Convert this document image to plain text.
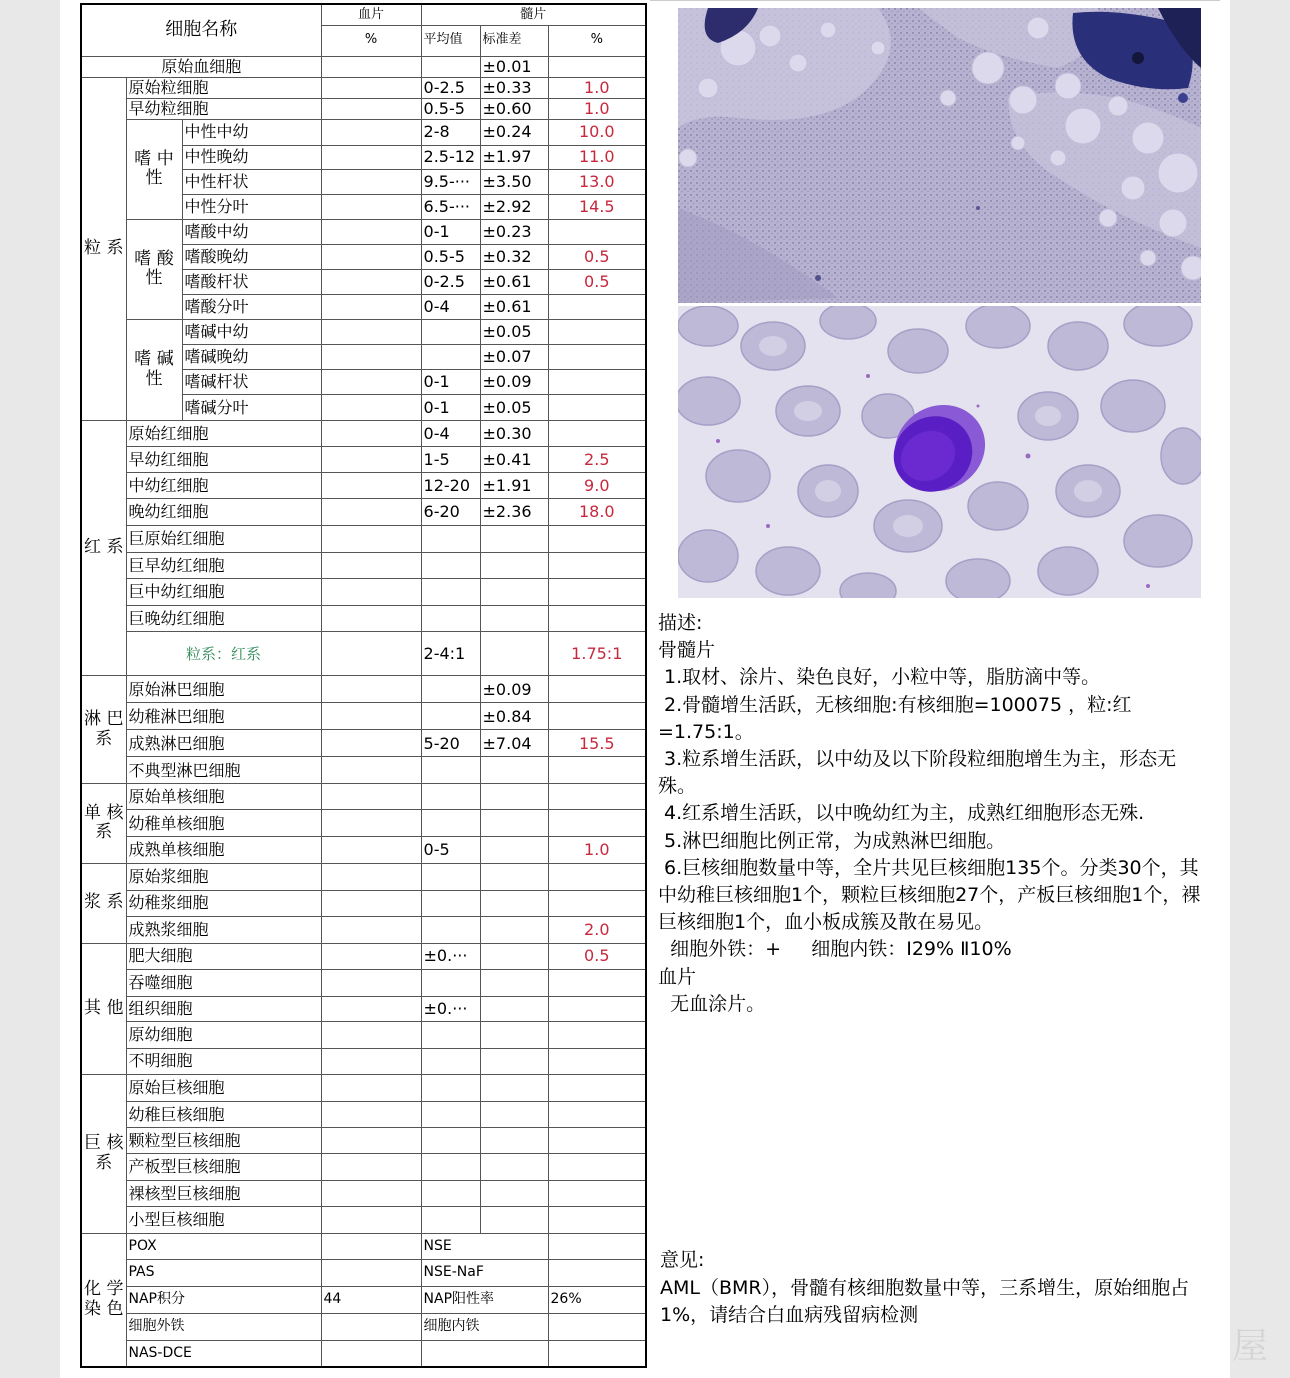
细胞名称			血片	髓片		
			%	平均值	标准差	%
原始血细胞					±0.01	
粒 系	原始粒细胞			0-2.5	±0.33	1.0
	早幼粒细胞			0.5-5	±0.60	1.0
	嗜 中 性	中性中幼		2-8	±0.24	10.0
		中性晚幼		2.5-12	±1.97	11.0
		中性杆状		9.5-···	±3.50	13.0
		中性分叶		6.5-···	±2.92	14.5
	嗜 酸 性	嗜酸中幼		0-1	±0.23	
		嗜酸晚幼		0.5-5	±0.32	0.5
		嗜酸杆状		0-2.5	±0.61	0.5
		嗜酸分叶		0-4	±0.61	
	嗜 碱 性	嗜碱中幼			±0.05	
		嗜碱晚幼			±0.07	
		嗜碱杆状		0-1	±0.09	
		嗜碱分叶		0-1	±0.05	
红 系	原始红细胞			0-4	±0.30	
	早幼红细胞			1-5	±0.41	2.5
	中幼红细胞			12-20	±1.91	9.0
	晚幼红细胞			6-20	±2.36	18.0
	巨原始红细胞					
	巨早幼红细胞					
	巨中幼红细胞					
	巨晚幼红细胞					
	粒系：红系			2-4:1		1.75:1
淋 巴 系	原始淋巴细胞				±0.09	
	幼稚淋巴细胞				±0.84	
	成熟淋巴细胞			5-20	±7.04	15.5
	不典型淋巴细胞					
单 核 系	原始单核细胞					
	幼稚单核细胞					
	成熟单核细胞			0-5		1.0
浆 系	原始浆细胞					
	幼稚浆细胞					
	成熟浆细胞					2.0
其 他	肥大细胞			±0.···		0.5
	吞噬细胞					
	组织细胞			±0.···		
	原幼细胞					
	不明细胞					
巨 核 系	原始巨核细胞					
	幼稚巨核细胞					
	颗粒型巨核细胞					
	产板型巨核细胞					
	裸核型巨核细胞					
	小型巨核细胞					
化 学 染 色	POX			NSE		
	PAS			NSE-NaF		
	NAP积分		44	NAP阳性率		26%
	细胞外铁			细胞内铁		
	NAS-DCE					

描述:

骨髓片

1.取材、涂片、染色良好，小粒中等，脂肪滴中等。

2.骨髓增生活跃，无核细胞:有核细胞=100075 ，粒:红=1.75:1。

3.粒系增生活跃，以中幼及以下阶段粒细胞增生为主，形态无殊。

4.红系增生活跃，以中晚幼红为主，成熟红细胞形态无殊.

5.淋巴细胞比例正常，为成熟淋巴细胞。

6.巨核细胞数量中等，全片共见巨核细胞135个。分类30个，其中幼稚巨核细胞1个，颗粒巨核细胞27个，产板巨核细胞1个，裸巨核细胞1个，血小板成簇及散在易见。

细胞外铁：+     细胞内铁：Ⅰ29% Ⅱ10%

血片

无血涂片。

意见:

AML（BMR），骨髓有核细胞数量中等，三系增生，原始细胞占1%，请结合白血病残留病检测

屋
